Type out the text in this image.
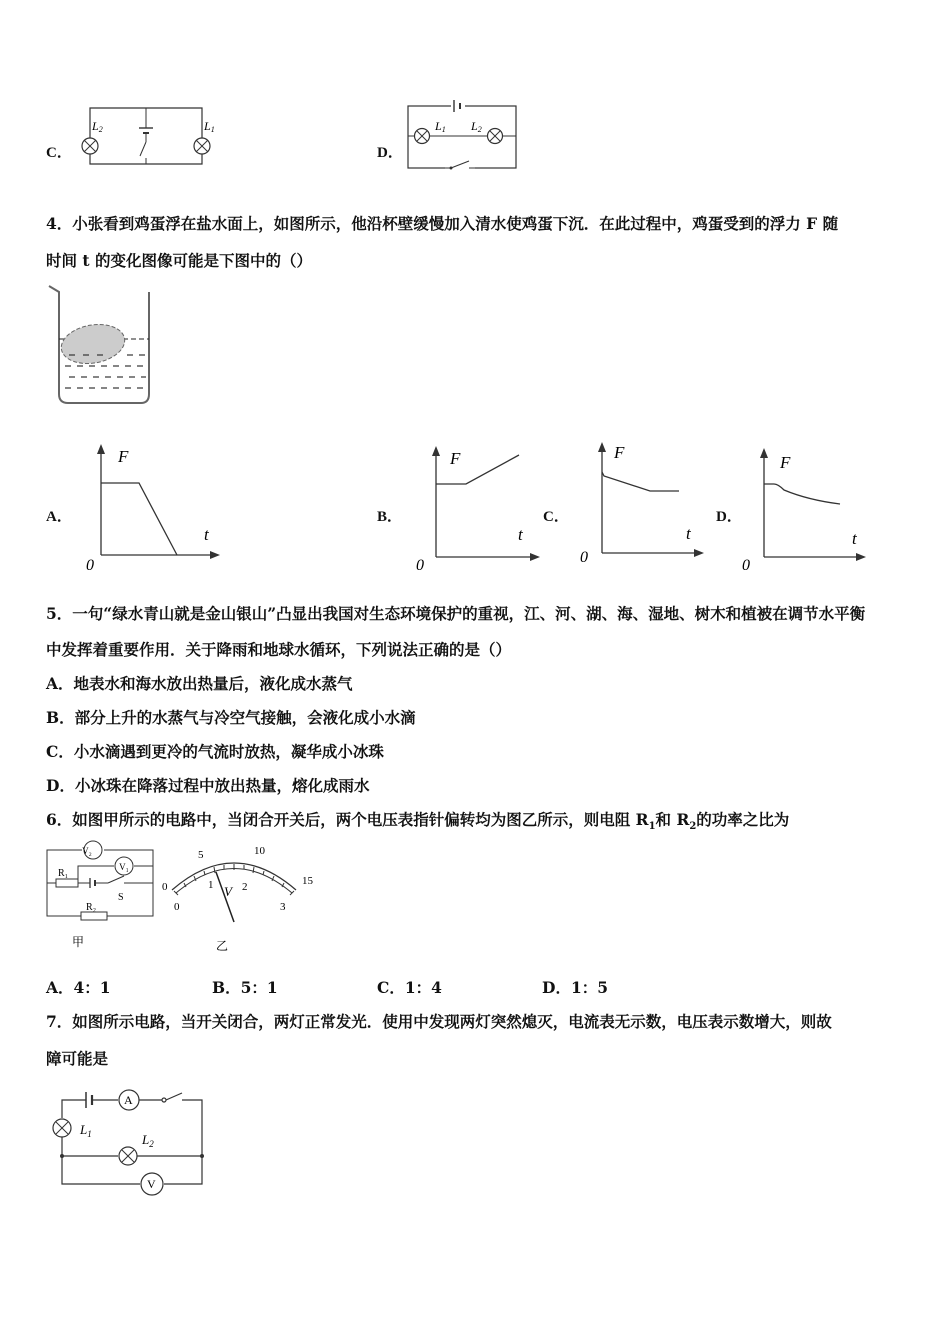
C．
L2	L1
D．
L1 L2
4．小张看到鸡蛋浮在盐水面上，如图所示，他沿杯壁缓慢加入清水使鸡蛋下沉．在此过程中，鸡蛋受到的浮力 F 随
时间 t 的变化图像可能是下图中的（）
A．
F
t
0
B．
F
t
0
C．
F
t
0
D．
F
t
0
5．一句“绿水青山就是金山银山”凸显出我国对生态环境保护的重视，江、河、湖、海、湿地、树木和植被在调节水平衡
中发挥着重要作用．关于降雨和地球水循环，下列说法正确的是（）
A．地表水和海水放出热量后，液化成水蒸气
B．部分上升的水蒸气与冷空气接触，会液化成小水滴
C．小水滴遇到更冷的气流时放热，凝华成小冰珠
D．小冰珠在降落过程中放出热量，熔化成雨水
6．如图甲所示的电路中，当闭合开关后，两个电压表指针偏转均为图乙所示，则电阻 $R_1$和 $R_2$的功率之比为
V₂
V₁
R₁
R₂
S
甲
0
5	10
15
0
1	2
3
V
乙
A．4：1	B．5：1	C．1：4	D．1：5
7．如图所示电路，当开关闭合，两灯正常发光．使用中发现两灯突然熄灭，电流表无示数，电压表示数增大，则故
障可能是
A
V
$L_1$	$L_2$
